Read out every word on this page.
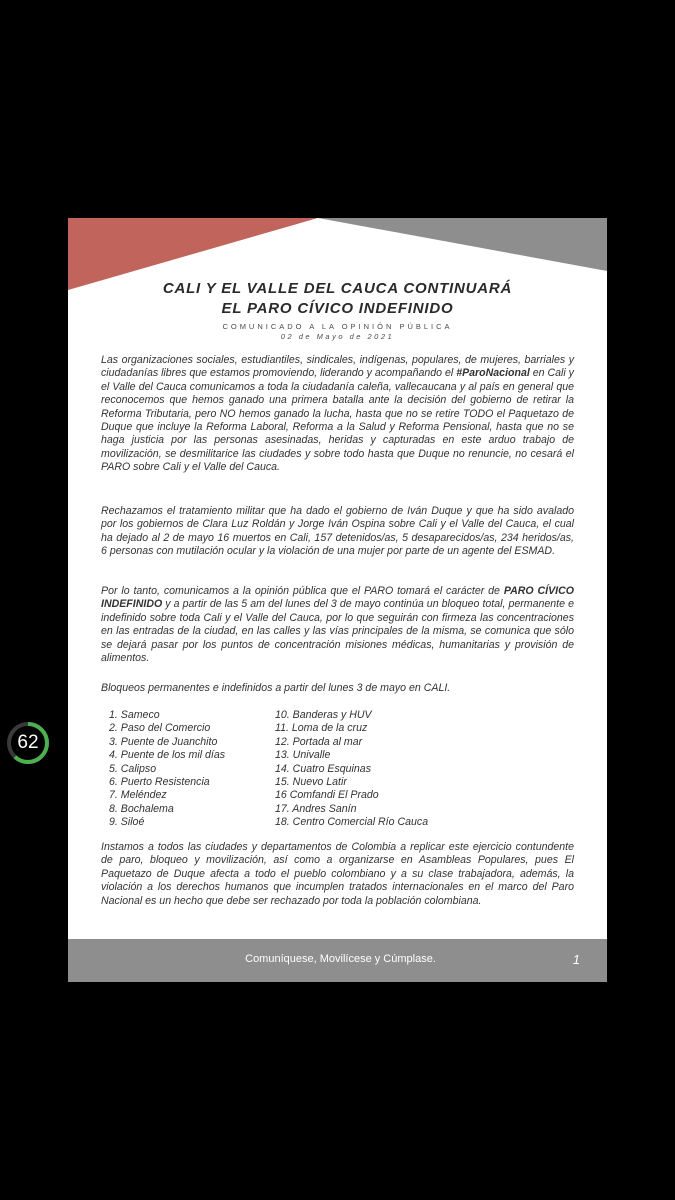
CALI Y EL VALLE DEL CAUCA CONTINUARÁ
EL PARO CÍVICO INDEFINIDO
COMUNICADO A LA OPINIÓN PÚBLICA
02 de Mayo de 2021
Las organizaciones sociales, estudiantiles, sindicales, indígenas, populares, de mujeres, barriales y ciudadanías libres que estamos promoviendo, liderando y acompañando el #ParoNacional en Cali y el Valle del Cauca comunicamos a toda la ciudadanía caleña, vallecaucana y al país en general que reconocemos que hemos ganado una primera batalla ante la decisión del gobierno de retirar la Reforma Tributaria, pero NO hemos ganado la lucha, hasta que no se retire TODO el Paquetazo de Duque que incluye la Reforma Laboral, Reforma a la Salud y Reforma Pensional, hasta que no se haga justicia por las personas asesinadas, heridas y capturadas en este arduo trabajo de movilización, se desmilitarice las ciudades y sobre todo hasta que Duque no renuncie, no cesará el PARO sobre Cali y el Valle del Cauca.
Rechazamos el tratamiento militar que ha dado el gobierno de Iván Duque y que ha sido avalado por los gobiernos de Clara Luz Roldán y Jorge Iván Ospina sobre Cali y el Valle del Cauca, el cual ha dejado al 2 de mayo 16 muertos en Cali, 157 detenidos/as, 5 desaparecidos/as, 234 heridos/as, 6 personas con mutilación ocular y la violación de una mujer por parte de un agente del ESMAD.
Por lo tanto, comunicamos a la opinión pública que el PARO tomará el carácter de PARO CÍVICO INDEFINIDO y a partir de las 5 am del lunes del 3 de mayo continúa un bloqueo total, permanente e indefinido sobre toda Cali y el Valle del Cauca, por lo que seguirán con firmeza las concentraciones en las entradas de la ciudad, en las calles y las vías principales de la misma, se comunica que sólo se dejará pasar por los puntos de concentración misiones médicas, humanitarias y provisión de alimentos.
Bloqueos permanentes e indefinidos a partir del lunes 3 de mayo en CALI.
1. Sameco
2. Paso del Comercio
3. Puente de Juanchito
4. Puente de los mil días
5. Calipso
6. Puerto Resistencia
7. Meléndez
8. Bochalema
9. Siloé
10. Banderas y HUV
11. Loma de la cruz
12. Portada al mar
13. Univalle
14. Cuatro Esquinas
15. Nuevo Latir
16 Comfandi El Prado
17. Andres Sanín
18. Centro Comercial Río Cauca
Instamos a todos las ciudades y departamentos de Colombia a replicar este ejercicio contundente de paro, bloqueo y movilización, así como a organizarse en Asambleas Populares, pues El Paquetazo de Duque afecta a todo el pueblo colombiano y a su clase trabajadora, además, la violación a los derechos humanos que incumplen tratados internacionales en el marco del Paro Nacional es un hecho que debe ser rechazado por toda la población colombiana.
Comuníquese, Movilícese y Cúmplase.	1
62
